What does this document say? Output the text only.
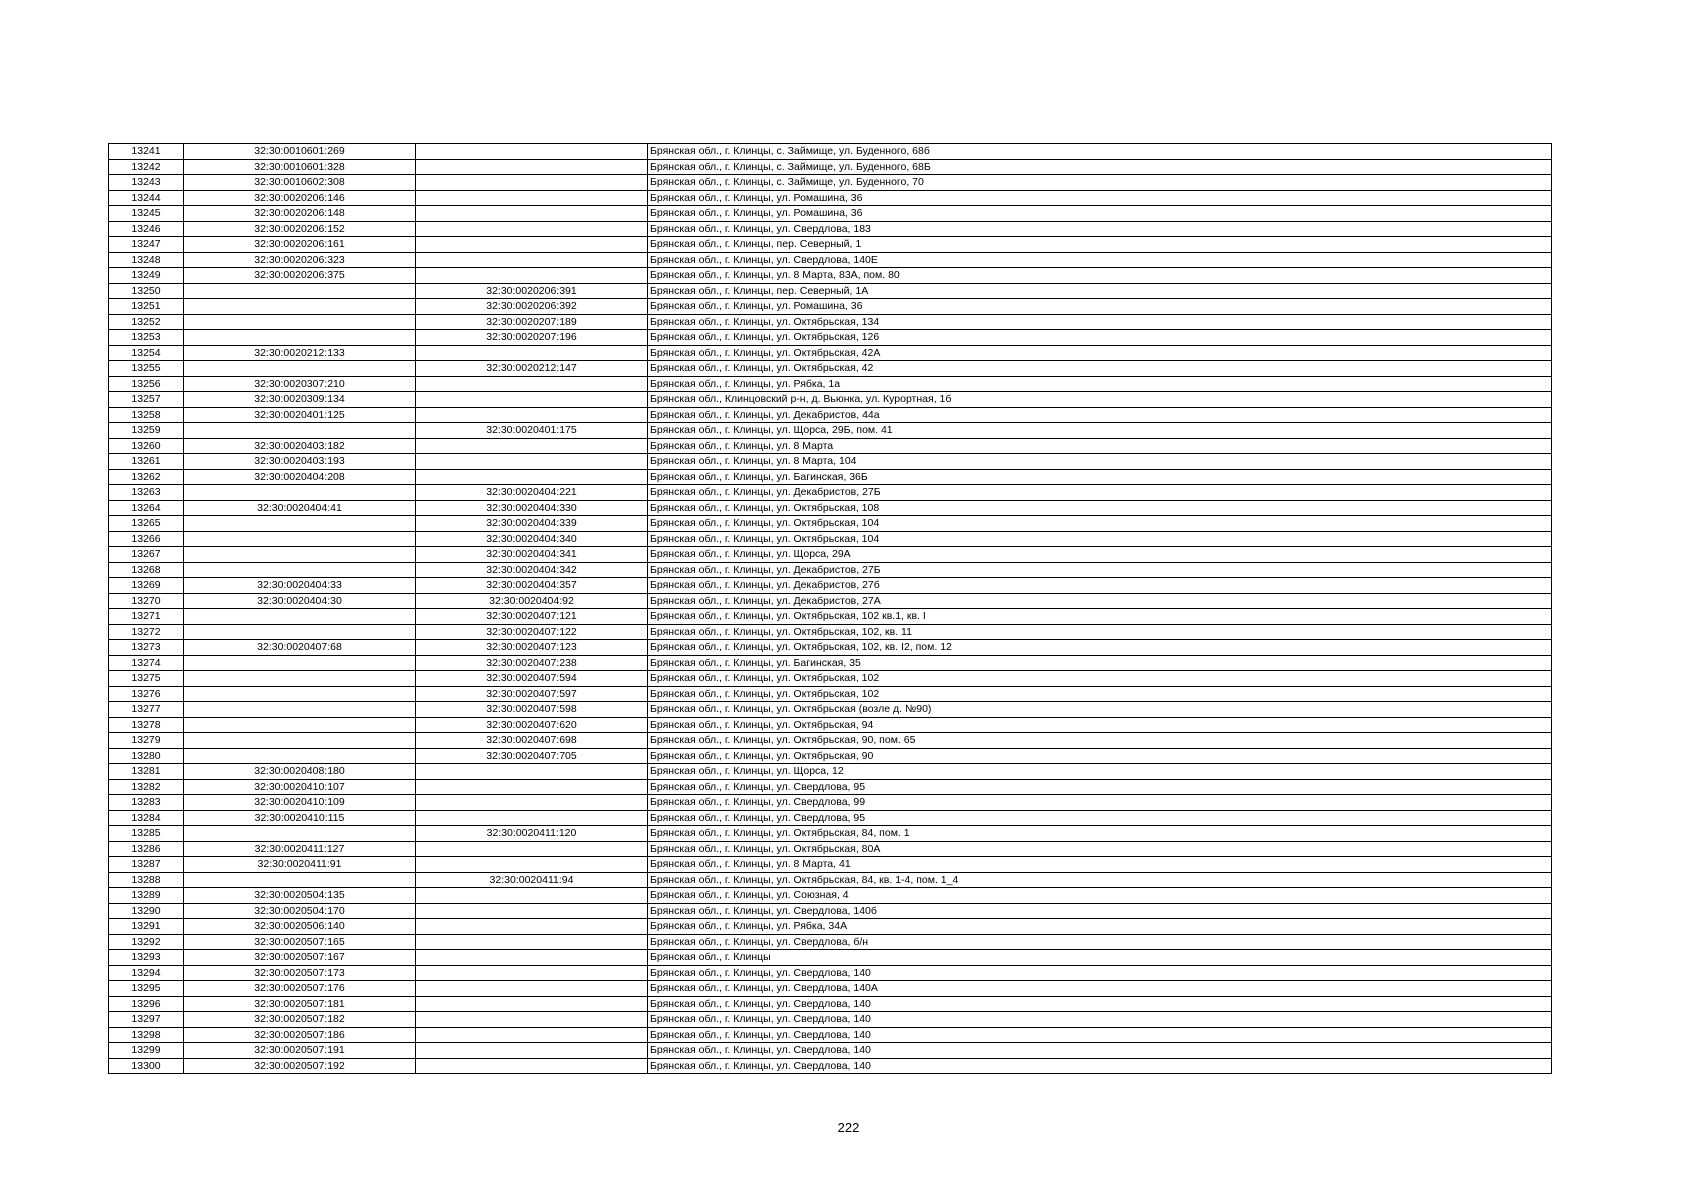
13241	32:30:0010601:269		Брянская обл., г. Клинцы, с. Займище, ул. Буденного, 68б
13242	32:30:0010601:328		Брянская обл., г. Клинцы, с. Займище, ул. Буденного, 68Б
13243	32:30:0010602:308		Брянская обл., г. Клинцы, с. Займище, ул. Буденного, 70
13244	32:30:0020206:146		Брянская обл., г. Клинцы, ул. Ромашина, 36
13245	32:30:0020206:148		Брянская обл., г. Клинцы, ул. Ромашина, 36
13246	32:30:0020206:152		Брянская обл., г. Клинцы, ул. Свердлова, 183
13247	32:30:0020206:161		Брянская обл., г. Клинцы, пер. Северный, 1
13248	32:30:0020206:323		Брянская обл., г. Клинцы, ул. Свердлова, 140Е
13249	32:30:0020206:375		Брянская обл., г. Клинцы, ул. 8 Марта, 83А, пом. 80
13250		32:30:0020206:391	Брянская обл., г. Клинцы, пер. Северный, 1А
13251		32:30:0020206:392	Брянская обл., г. Клинцы, ул. Ромашина, 36
13252		32:30:0020207:189	Брянская обл., г. Клинцы, ул. Октябрьская, 134
13253		32:30:0020207:196	Брянская обл., г. Клинцы, ул. Октябрьская, 126
13254	32:30:0020212:133		Брянская обл., г. Клинцы, ул. Октябрьская, 42А
13255		32:30:0020212:147	Брянская обл., г. Клинцы, ул. Октябрьская, 42
13256	32:30:0020307:210		Брянская обл., г. Клинцы, ул. Рябка, 1а
13257	32:30:0020309:134		Брянская обл., Клинцовский р-н, д. Вьюнка, ул. Курортная, 1б
13258	32:30:0020401:125		Брянская обл., г. Клинцы, ул. Декабристов, 44а
13259		32:30:0020401:175	Брянская обл., г. Клинцы, ул. Щорса, 29Б, пом. 41
13260	32:30:0020403:182		Брянская обл., г. Клинцы, ул. 8 Марта
13261	32:30:0020403:193		Брянская обл., г. Клинцы, ул. 8 Марта, 104
13262	32:30:0020404:208		Брянская обл., г. Клинцы, ул. Багинская, 36Б
13263		32:30:0020404:221	Брянская обл., г. Клинцы, ул. Декабристов, 27Б
13264	32:30:0020404:41	32:30:0020404:330	Брянская обл., г. Клинцы, ул. Октябрьская, 108
13265		32:30:0020404:339	Брянская обл., г. Клинцы, ул. Октябрьская, 104
13266		32:30:0020404:340	Брянская обл., г. Клинцы, ул. Октябрьская, 104
13267		32:30:0020404:341	Брянская обл., г. Клинцы, ул. Щорса, 29А
13268		32:30:0020404:342	Брянская обл., г. Клинцы, ул. Декабристов, 27Б
13269	32:30:0020404:33	32:30:0020404:357	Брянская обл., г. Клинцы, ул. Декабристов, 27б
13270	32:30:0020404:30	32:30:0020404:92	Брянская обл., г. Клинцы, ул. Декабристов, 27А
13271		32:30:0020407:121	Брянская обл., г. Клинцы, ул. Октябрьская, 102 кв.1, кв. I
13272		32:30:0020407:122	Брянская обл., г. Клинцы, ул. Октябрьская, 102, кв. 11
13273	32:30:0020407:68	32:30:0020407:123	Брянская обл., г. Клинцы, ул. Октябрьская, 102, кв. I2, пом. 12
13274		32:30:0020407:238	Брянская обл., г. Клинцы, ул. Багинская, 35
13275		32:30:0020407:594	Брянская обл., г. Клинцы, ул. Октябрьская, 102
13276		32:30:0020407:597	Брянская обл., г. Клинцы, ул. Октябрьская, 102
13277		32:30:0020407:598	Брянская обл., г. Клинцы, ул. Октябрьская (возле д. №90)
13278		32:30:0020407:620	Брянская обл., г. Клинцы, ул. Октябрьская, 94
13279		32:30:0020407:698	Брянская обл., г. Клинцы, ул. Октябрьская, 90, пом. 65
13280		32:30:0020407:705	Брянская обл., г. Клинцы, ул. Октябрьская, 90
13281	32:30:0020408:180		Брянская обл., г. Клинцы, ул. Щорса, 12
13282	32:30:0020410:107		Брянская обл., г. Клинцы, ул. Свердлова, 95
13283	32:30:0020410:109		Брянская обл., г. Клинцы, ул. Свердлова, 99
13284	32:30:0020410:115		Брянская обл., г. Клинцы, ул. Свердлова, 95
13285		32:30:0020411:120	Брянская обл., г. Клинцы, ул. Октябрьская, 84, пом. 1
13286	32:30:0020411:127		Брянская обл., г. Клинцы, ул. Октябрьская, 80А
13287	32:30:0020411:91		Брянская обл., г. Клинцы, ул. 8 Марта, 41
13288		32:30:0020411:94	Брянская обл., г. Клинцы, ул. Октябрьская, 84, кв. 1-4, пом. 1_4
13289	32:30:0020504:135		Брянская обл., г. Клинцы, ул. Союзная, 4
13290	32:30:0020504:170		Брянская обл., г. Клинцы, ул. Свердлова, 140б
13291	32:30:0020506:140		Брянская обл., г. Клинцы, ул. Рябка, 34А
13292	32:30:0020507:165		Брянская обл., г. Клинцы, ул. Свердлова, б/н
13293	32:30:0020507:167		Брянская обл., г. Клинцы
13294	32:30:0020507:173		Брянская обл., г. Клинцы, ул. Свердлова, 140
13295	32:30:0020507:176		Брянская обл., г. Клинцы, ул. Свердлова, 140А
13296	32:30:0020507:181		Брянская обл., г. Клинцы, ул. Свердлова, 140
13297	32:30:0020507:182		Брянская обл., г. Клинцы, ул. Свердлова, 140
13298	32:30:0020507:186		Брянская обл., г. Клинцы, ул. Свердлова, 140
13299	32:30:0020507:191		Брянская обл., г. Клинцы, ул. Свердлова, 140
13300	32:30:0020507:192		Брянская обл., г. Клинцы, ул. Свердлова, 140
222
